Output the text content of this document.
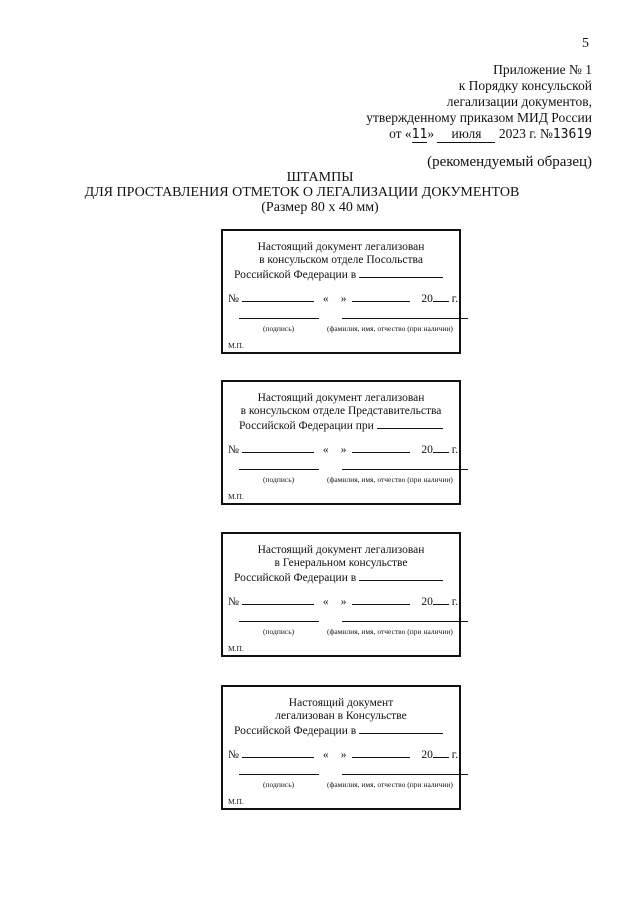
5
Приложение № 1
к Порядку консульской
легализации документов,
утвержденному приказом МИД России
от «11» июля 2023 г. №13619
(рекомендуемый образец)
ШТАМПЫ
ДЛЯ ПРОСТАВЛЕНИЯ ОТМЕТОК О ЛЕГАЛИЗАЦИИ ДОКУМЕНТОВ
(Размер 80 х 40 мм)
Настоящий документ легализован
в консульском отделе Посольства
Российской Федерации в
№	« »	20 г.
(подпись)	(фамилия, имя, отчество (при наличии)
М.П.
Настоящий документ легализован
в консульском отделе Представительства
Российской Федерации при
№	« »	20 г.
(подпись)	(фамилия, имя, отчество (при наличии)
М.П.
Настоящий документ легализован
в Генеральном консульстве
Российской Федерации в
№	« »	20 г.
(подпись)	(фамилия, имя, отчество (при наличии)
М.П.
Настоящий документ
легализован в Консульстве
Российской Федерации в
№	« »	20 г.
(подпись)	(фамилия, имя, отчество (при наличии)
М.П.
